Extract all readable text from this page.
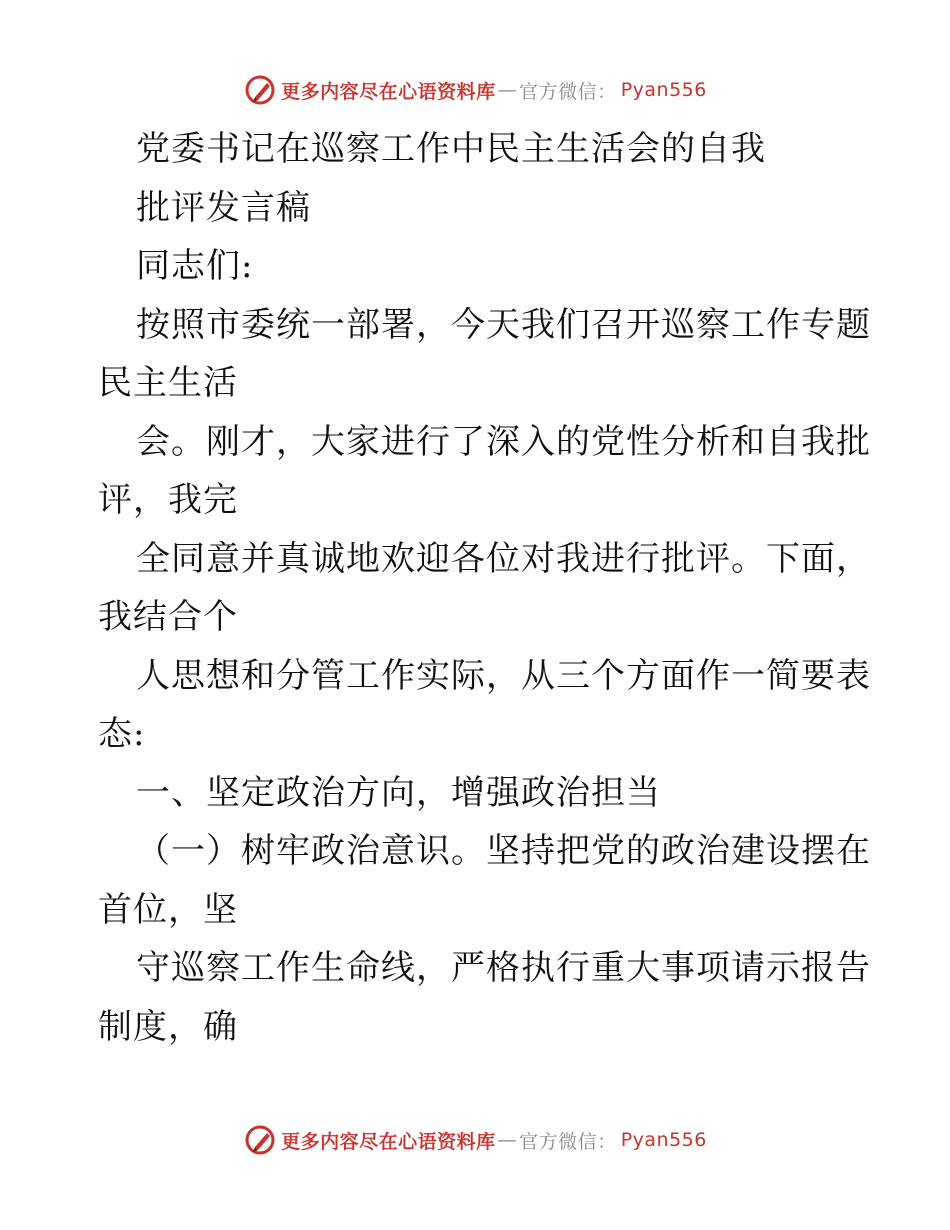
更多内容尽在心语资料库 — 官方微信 ： Pyan556
党委书记在巡察工作中民主生活会的自我
批评发言稿
同志们:
按照市委统一部署，今天我们召开巡察工作专题
民主生活
会。刚才，大家进行了深入的党性分析和自我批
评，我完
全同意并真诚地欢迎各位对我进行批评。下面，
我结合个
人思想和分管工作实际，从三个方面作一简要表
态:
一、坚定政治方向，增强政治担当
（一）树牢政治意识。坚持把党的政治建设摆在
首位，坚
守巡察工作生命线，严格执行重大事项请示报告
制度，确
更多内容尽在心语资料库 — 官方微信 ： Pyan556
